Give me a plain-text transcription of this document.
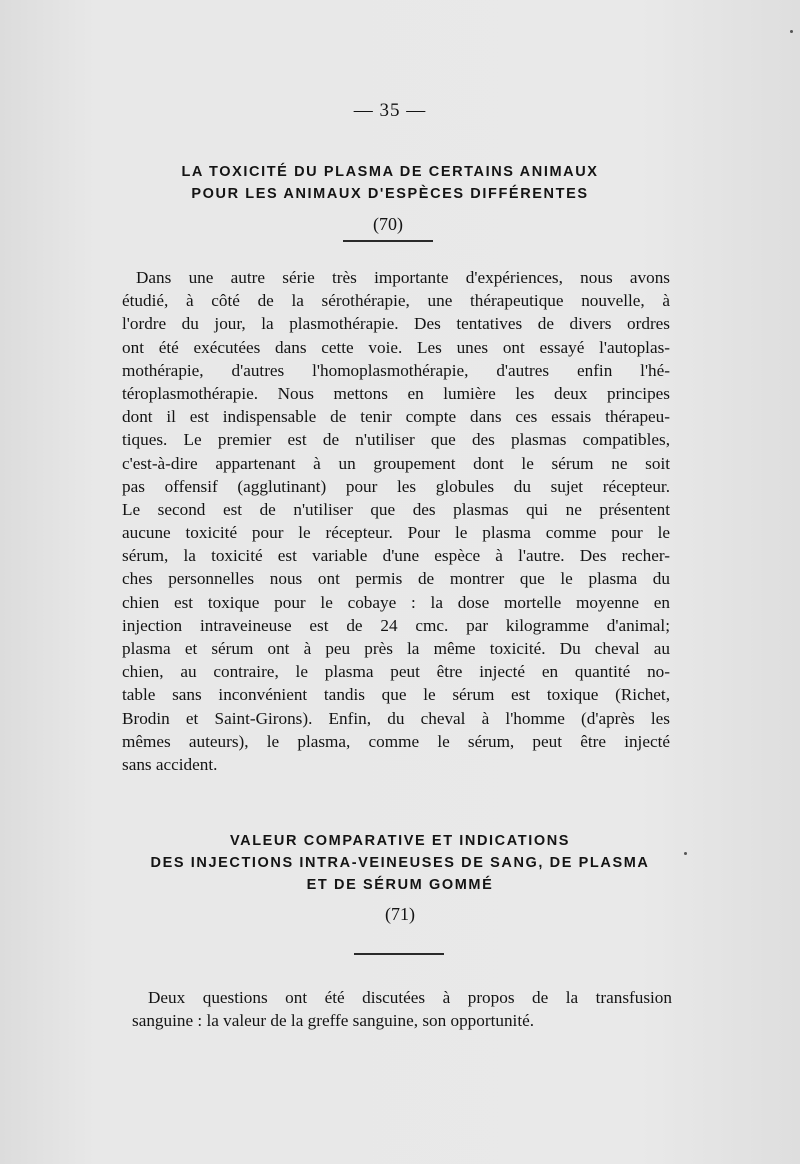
— 35 —
LA TOXICITÉ DU PLASMA DE CERTAINS ANIMAUX
POUR LES ANIMAUX D'ESPÈCES DIFFÉRENTES
(70)
Dans une autre série très importante d'expériences, nous avons
étudié, à côté de la sérothérapie, une thérapeutique nouvelle, à
l'ordre du jour, la plasmothérapie. Des tentatives de divers ordres
ont été exécutées dans cette voie. Les unes ont essayé l'autoplas-
mothérapie, d'autres l'homoplasmothérapie, d'autres enfin l'hé-
téroplasmothérapie. Nous mettons en lumière les deux principes
dont il est indispensable de tenir compte dans ces essais thérapeu-
tiques. Le premier est de n'utiliser que des plasmas compatibles,
c'est-à-dire appartenant à un groupement dont le sérum ne soit
pas offensif (agglutinant) pour les globules du sujet récepteur.
Le second est de n'utiliser que des plasmas qui ne présentent
aucune toxicité pour le récepteur. Pour le plasma comme pour le
sérum, la toxicité est variable d'une espèce à l'autre. Des recher-
ches personnelles nous ont permis de montrer que le plasma du
chien est toxique pour le cobaye : la dose mortelle moyenne en
injection intraveineuse est de 24 cmc. par kilogramme d'animal;
plasma et sérum ont à peu près la même toxicité. Du cheval au
chien, au contraire, le plasma peut être injecté en quantité no-
table sans inconvénient tandis que le sérum est toxique (Richet,
Brodin et Saint-Girons). Enfin, du cheval à l'homme (d'après les
mêmes auteurs), le plasma, comme le sérum, peut être injecté
sans accident.
VALEUR COMPARATIVE ET INDICATIONS
DES INJECTIONS INTRA-VEINEUSES DE SANG, DE PLASMA
ET DE SÉRUM GOMMÉ
(71)
Deux questions ont été discutées à propos de la transfusion
sanguine : la valeur de la greffe sanguine, son opportunité.
